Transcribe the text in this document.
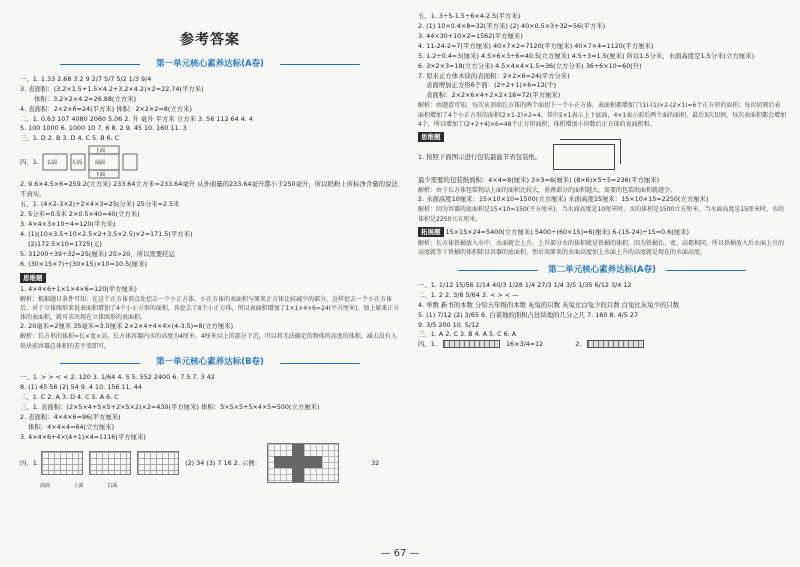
参考答案
第一单元核心素养达标(A卷)

一、1. 1.33 2.68 3.2 9 2/7 5/7 5/2 1/3 9/4

3. 表面积：(3.2×1.5+1.5×4.2+3.2×4.2)×2=22.74(平方米)

体积：3.2×2×4.2=26.88(立方米)

4. 表面积：2×2×6=24(平方米) 体积：2×2×2=8(立方米)

二、1. 0.63 107 4080 2060 5.06 2. 升 毫升 平方米 立方米 3. 56 112 64 4. 4

5. 100 1000 6. 1000 10 7. 6 8. 2 9. 45 10. 160 11. 3

三、1. D 2. B 3. D 4. C 5. B 6. C

四、1. 右面
上面
左面	前面
下面

2. 9.6×4.5×6=259.2(立方米) 233.64立方米=233.64毫升 从外面量的233.64毫升都小于250毫升，所以奶粉上所标净含量的说法不真实。

五、1. (4×2-3×2)÷2×4×3=25(分米) 25分米=2.5米

2. 5分米=0.5米 2×0.5×40=40(立方米)

3. 4×4×3×10÷4=120(平方米)

4. (1)(10×3.5+10×2.5×2+3.5×2.5)×2=171.5(平方米)

(2)172.5×10=1725(元)

5. 31200÷39÷32=25(厘米) 25>20，所以需要托运

6. (30×15×7)÷(30×15)×10=10.5(厘米)

思维题

1. 4×4×6+1×1×4×6=120(平方厘米)

解析：根据题目条件可知：在这个正方体顶点处挖去一个小正方体，小正方体的表面积与原来正方体比较减少的部分，这样挖去一个小正方体后，对于立体图形来说表面积增加了4个小正方形的面积，共挖去了6个小正方体，所以表面积增加了1×1×4×6=24(平方厘米)，加上原来正方体的表面积，就可求出现在立体图形的表面积。

2. 20毫米=2厘米 35毫米=3.5厘米 2×2×4+4×4×(4-3.5)=8(立方厘米)

解析：长方形的体积=长×宽×高，长方体容器内水的高度为4厘米，4厘米以上的部分下沉，可以将无法确定的物体的高度的体积，减去没有入铁块前容器总体积的差不变即可。

第一单元核心素养达标(B卷)

一、1. > > < < 2. 120 3. 1/64 4. 5 5. 552 2400 6. 7.5 7. 3 42

8. (1) 45 56 (2) 54 9. 4 10. 156 11. 44

二、1. C 2. A 3. D 4. C 5. A 6. C

三、1. 表面积：(2×5×4+5×5+2×5×2)×2=430(平方厘米) 体积：5×5×5+5×4×5=500(立方厘米)

2. 表面积：4×4×6=96(平方厘米)

体积：4×4×4=64(立方厘米)

3. 4×4×6+4×(4+1)×4=1116(平方厘米)

四、1.	(2) 34 (3) 7 16 2. 示例：	32
前面	上面	右面

五、1. 3÷5-1.5÷6×4-2.5(平方米)

2. (1) 10×0.4×8=32(平方米) (2) 40×0.5×3+32=56(平方米)

3. 44×30+10×2=1562(平方厘米)

4. 11-24-2=7(平方厘米) 40×7×2=7120(平方厘米) 40×7×4=1120(平方厘米)

5. 1.2÷0.4=3(厘米) 4.5×6×3÷6=40.5(立方厘米) 4.5÷3=1.5(厘米) 所以1.5分米，水面高度是1.5分米(立方厘米)

6. 3×2×3=18(立方分米) 4.5×4×4×1.5=36(立方分米) 36+6×10=60(升)

7. 原来正方体木块的表面积：2×2×6=24(平方分米)

表面增加正方形6个面：(2÷2+1)×6=12(个)

表面积：2×2×6×4+2×2×18=72(平方厘米)

解析：由题意可知，每次从顶端长方体的两个面切下一个小正方体，表面积都增加了(1)-(1)×2-(2×1)=6个正方形的面积；每次切割后表面积增加了4个小正方形的面积(2×1-2)×2=4，其中2×1表示上下底面，4×1表示前后两个面的面积，最后3次切割，每次表面积都会增加4个，所以增加了(2+2+4)×6=48个正方形面积，体积增加小块数后正方体的表面积和。

思维题
1. 按照下面图示进行包装最能节省包装纸。

最少需要的包装纸面积：4×4=8(厘米) 3×3=6(厘米) (8×6)×5÷5=236(平方厘米)

解析：由于长方体包装物品上面的面积比较大，重叠部分的面积越大，需要的包装纸面积就越少。

2. 水面高度10厘米：15×10×10=1500(立方厘米) 水面高度15厘米：15×10×15=2250(立方厘米)

解析：因为容器的底面积是15×10=150(平方厘米)，当水面高度是10厘米时，水的体积是1500立方厘米，当水面高度是15厘米时，水的体积是2250立方厘米。

拓展题 15×15×24=5400(立方厘米) 5400÷(60×15)=6(厘米) 6-(15-24)÷15=0.6(厘米)

解析：长方体铁桶放入水中，水面就会上升，上升部分水的体积就是铁桶的体积。因为铁桶长、宽、高都相同，所以铁桶放入后水面上升的高度就等于铁桶的体积除以容器的底面积，然后用原来的水面高度加上水面上升的高度就是现在的水面高度。

第二单元核心素养达标(A卷)

一、1. 1/12 15/56 1/14 40/3 1/28 1/4 27/3 1/4 3/5 1/35 6/12 3/4 12

二、1. 2 2. 3/8 5/64 3. < > < —

4. 单数 新书的本数 分给五年级的本数 灰兔的只数 灰兔比白兔少的只数 白兔比灰兔少的只数

5. (1) 7/12 (2) 3/65 6. 白菜地的面积占这块地的几分之几 7. 160 8. 4/5 27

9. 3/5 200 10. 5/12

三、1. A 2. C 3. B 4. A 5. C 6. A

四、1.	16×3/4=12	2.
— 67 —
